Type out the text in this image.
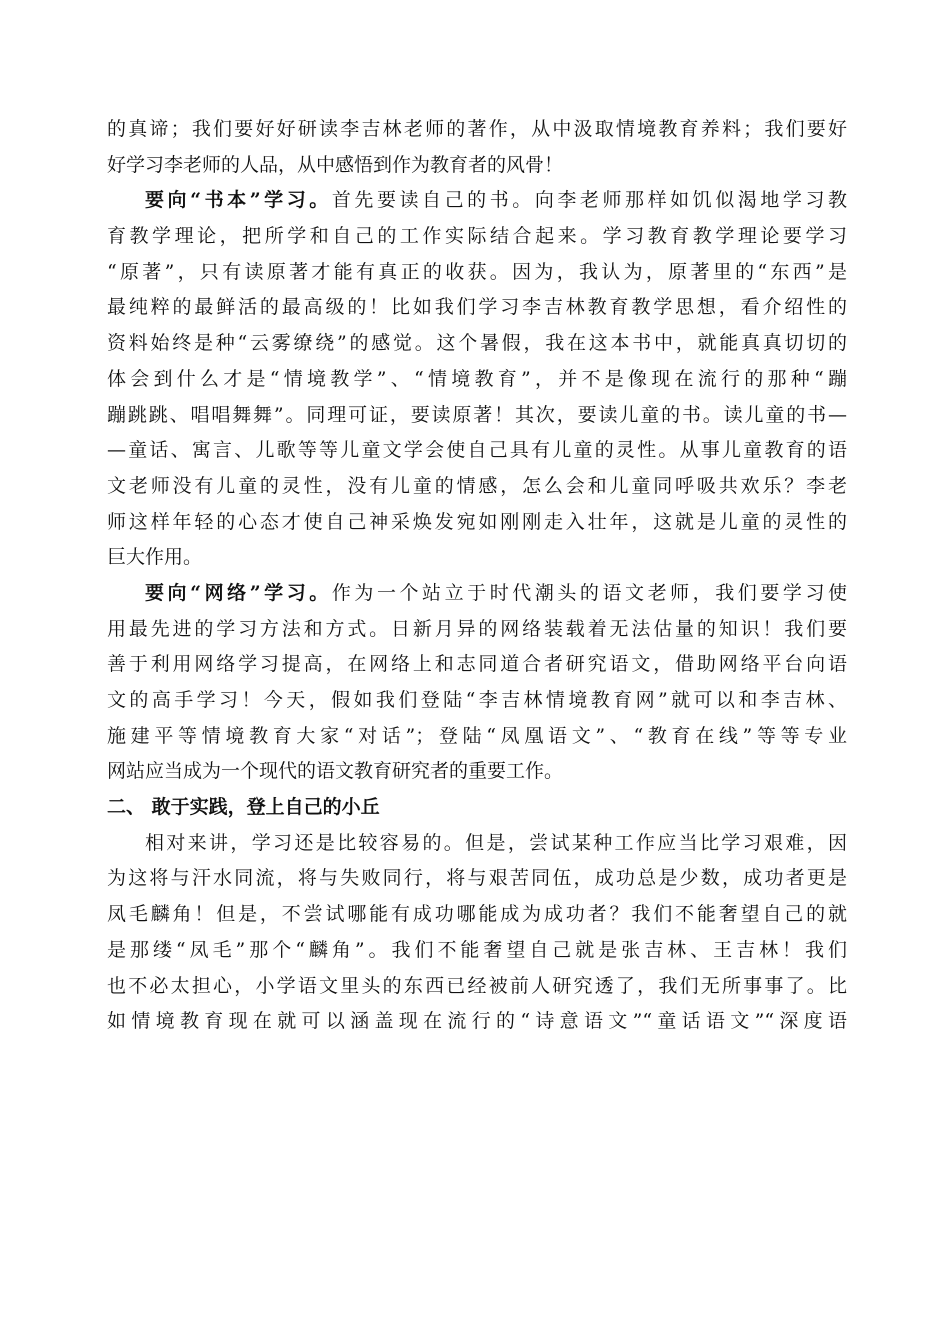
的真谛；我们要好好研读李吉林老师的著作，从中汲取情境教育养料；我们要好
好学习李老师的人品，从中感悟到作为教育者的风骨！
要向“书本”学习。首先要读自己的书。向李老师那样如饥似渴地学习教
育教学理论，把所学和自己的工作实际结合起来。学习教育教学理论要学习
“原著”，只有读原著才能有真正的收获。因为，我认为，原著里的“东西”是
最纯粹的最鲜活的最高级的！比如我们学习李吉林教育教学思想，看介绍性的
资料始终是种“云雾缭绕”的感觉。这个暑假，我在这本书中，就能真真切切的
体会到什么才是“情境教学”、“情境教育”，并不是像现在流行的那种“蹦
蹦跳跳、唱唱舞舞”。同理可证，要读原著！其次，要读儿童的书。读儿童的书—
—童话、寓言、儿歌等等儿童文学会使自己具有儿童的灵性。从事儿童教育的语
文老师没有儿童的灵性，没有儿童的情感，怎么会和儿童同呼吸共欢乐？李老
师这样年轻的心态才使自己神采焕发宛如刚刚走入壮年，这就是儿童的灵性的
巨大作用。
要向“网络”学习。作为一个站立于时代潮头的语文老师，我们要学习使
用最先进的学习方法和方式。日新月异的网络装载着无法估量的知识！我们要
善于利用网络学习提高，在网络上和志同道合者研究语文，借助网络平台向语
文的高手学习！今天，假如我们登陆“李吉林情境教育网”就可以和李吉林、
施建平等情境教育大家“对话”；登陆“凤凰语文”、“教育在线”等等专业
网站应当成为一个现代的语文教育研究者的重要工作。
二、 敢于实践，登上自己的小丘
相对来讲，学习还是比较容易的。但是，尝试某种工作应当比学习艰难，因
为这将与汗水同流，将与失败同行，将与艰苦同伍，成功总是少数，成功者更是
凤毛麟角！但是，不尝试哪能有成功哪能成为成功者？我们不能奢望自己的就
是那缕“凤毛”那个“麟角”。我们不能奢望自己就是张吉林、王吉林！我们
也不必太担心，小学语文里头的东西已经被前人研究透了，我们无所事事了。比
如情境教育现在就可以涵盖现在流行的“诗意语文”“童话语文”“深度语
